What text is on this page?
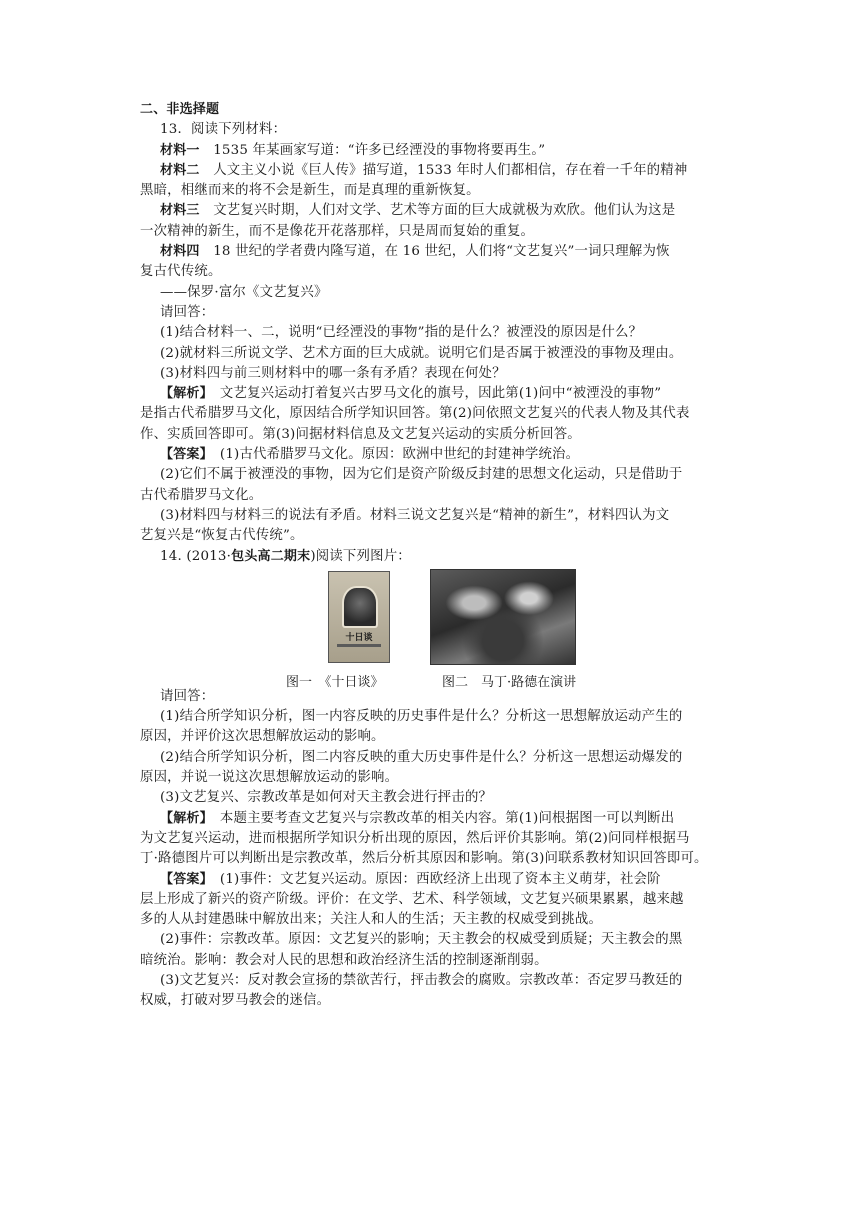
二、非选择题
13．阅读下列材料：
材料一　1535 年某画家写道：“许多已经湮没的事物将要再生。”
材料二　人文主义小说《巨人传》描写道，1533 年时人们都相信，存在着一千年的精神
黑暗，相继而来的将不会是新生，而是真理的重新恢复。
材料三　文艺复兴时期，人们对文学、艺术等方面的巨大成就极为欢欣。他们认为这是
一次精神的新生，而不是像花开花落那样，只是周而复始的重复。
材料四　18 世纪的学者费内隆写道，在 16 世纪，人们将“文艺复兴”一词只理解为恢
复古代传统。
——保罗·富尔《文艺复兴》
请回答：
(1)结合材料一、二，说明“已经湮没的事物”指的是什么？被湮没的原因是什么？
(2)就材料三所说文学、艺术方面的巨大成就。说明它们是否属于被湮没的事物及理由。
(3)材料四与前三则材料中的哪一条有矛盾？表现在何处？
【解析】　文艺复兴运动打着复兴古罗马文化的旗号，因此第(1)问中“被湮没的事物”
是指古代希腊罗马文化，原因结合所学知识回答。第(2)问依照文艺复兴的代表人物及其代表
作、实质回答即可。第(3)问据材料信息及文艺复兴运动的实质分析回答。
【答案】　(1)古代希腊罗马文化。原因：欧洲中世纪的封建神学统治。
(2)它们不属于被湮没的事物，因为它们是资产阶级反封建的思想文化运动，只是借助于
古代希腊罗马文化。
(3)材料四与材料三的说法有矛盾。材料三说文艺复兴是“精神的新生”，材料四认为文
艺复兴是“恢复古代传统”。
14. (2013·包头高二期末)阅读下列图片：
十日谈
图一　《十日谈》	图二　马丁·路德在演讲
请回答：
(1)结合所学知识分析，图一内容反映的历史事件是什么？分析这一思想解放运动产生的
原因，并评价这次思想解放运动的影响。
(2)结合所学知识分析，图二内容反映的重大历史事件是什么？分析这一思想运动爆发的
原因，并说一说这次思想解放运动的影响。
(3)文艺复兴、宗教改革是如何对天主教会进行抨击的？
【解析】　本题主要考查文艺复兴与宗教改革的相关内容。第(1)问根据图一可以判断出
为文艺复兴运动，进而根据所学知识分析出现的原因，然后评价其影响。第(2)问同样根据马
丁·路德图片可以判断出是宗教改革，然后分析其原因和影响。第(3)问联系教材知识回答即可。
【答案】　(1)事件：文艺复兴运动。原因：西欧经济上出现了资本主义萌芽，社会阶
层上形成了新兴的资产阶级。评价：在文学、艺术、科学领域，文艺复兴硕果累累，越来越
多的人从封建愚昧中解放出来；关注人和人的生活；天主教的权威受到挑战。
(2)事件：宗教改革。原因：文艺复兴的影响；天主教会的权威受到质疑；天主教会的黑
暗统治。影响：教会对人民的思想和政治经济生活的控制逐渐削弱。
(3)文艺复兴：反对教会宣扬的禁欲苦行，抨击教会的腐败。宗教改革：否定罗马教廷的
权威，打破对罗马教会的迷信。
